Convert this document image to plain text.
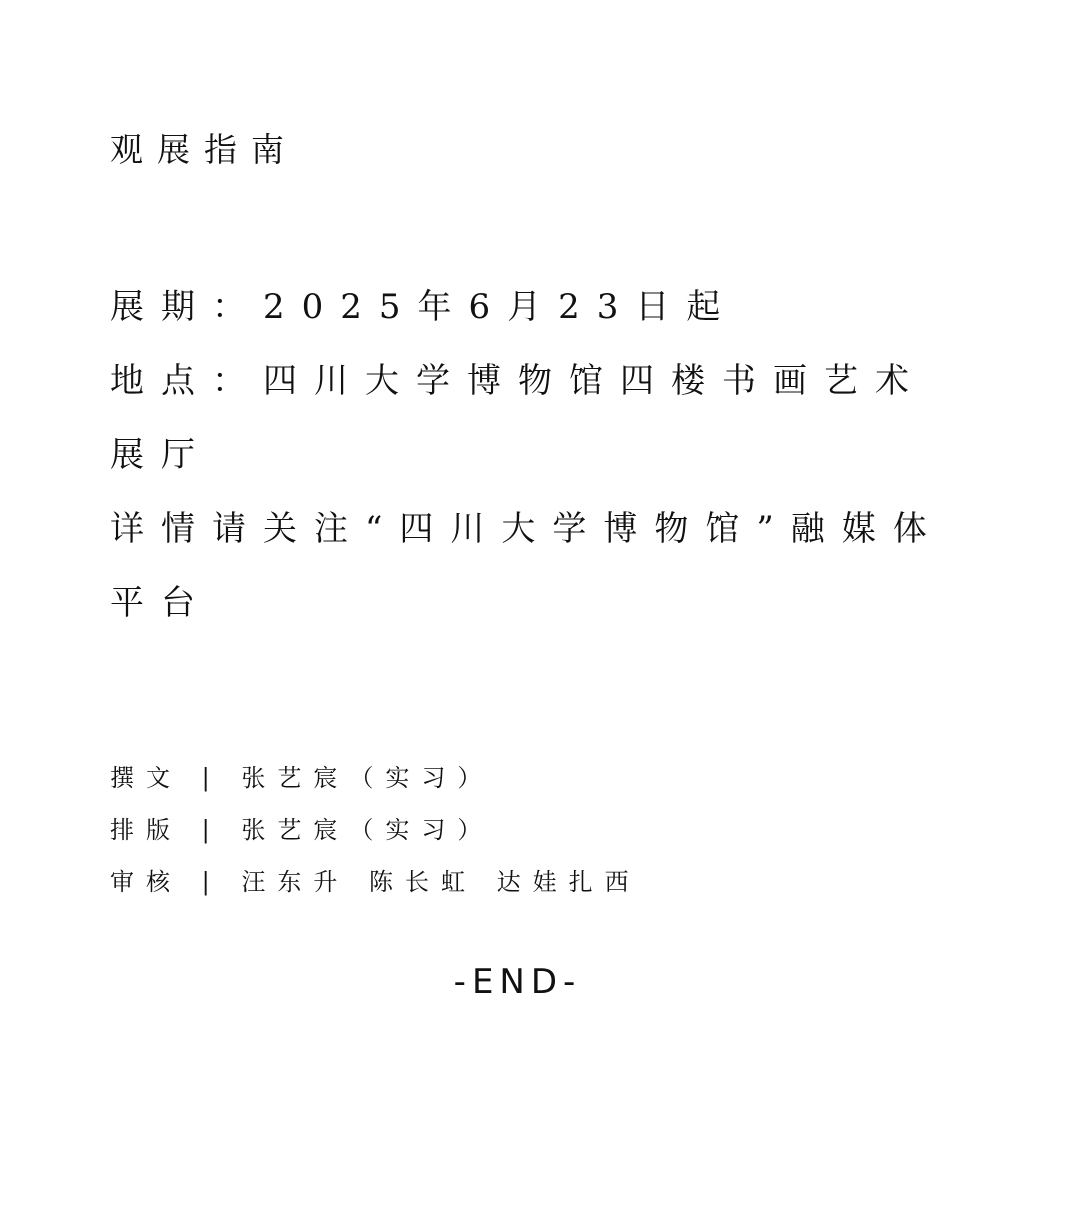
观展指南
展期：2025年6月23日起
地点：四川大学博物馆四楼书画艺术展厅
详情请关注“四川大学博物馆”融媒体平台
撰文 | 张艺宸（实习）
排版 | 张艺宸（实习）
审核 | 汪东升 陈长虹 达娃扎西
-END-
